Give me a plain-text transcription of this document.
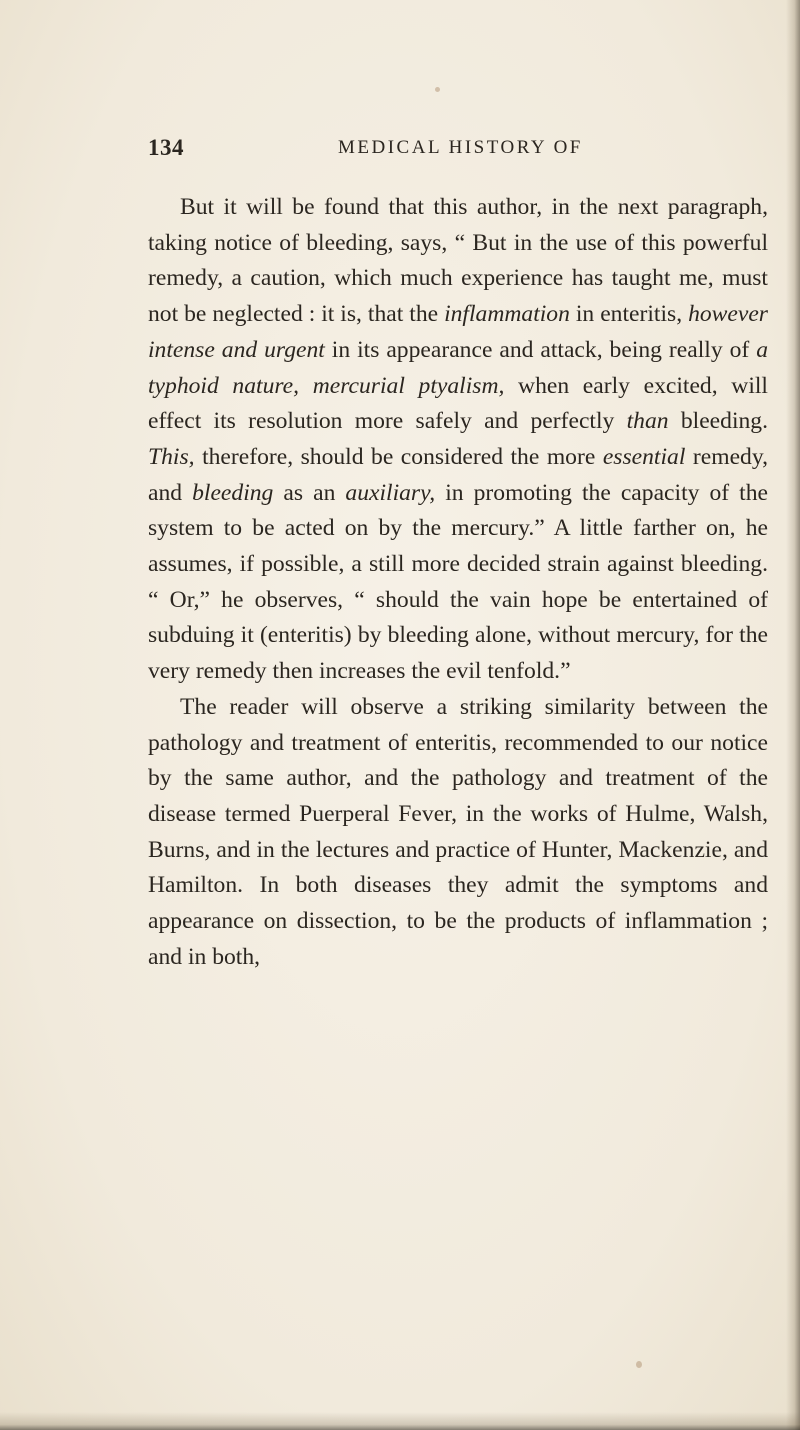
134	MEDICAL HISTORY OF

But it will be found that this author, in the next paragraph, taking notice of bleeding, says, “ But in the use of this powerful remedy, a caution, which much experience has taught me, must not be neglected : it is, that the inflammation in enteritis, however intense and urgent in its appearance and attack, being really of a typhoid nature, mercurial ptyalism, when early excited, will effect its resolution more safely and perfectly than bleeding. This, therefore, should be considered the more essential remedy, and bleeding as an auxiliary, in promoting the capacity of the system to be acted on by the mercury.” A little farther on, he assumes, if possible, a still more decided strain against bleeding. “ Or,” he observes, “ should the vain hope be entertained of subduing it (enteritis) by bleeding alone, without mercury, for the very remedy then increases the evil tenfold.”

The reader will observe a striking similarity between the pathology and treatment of enteritis, recommended to our notice by the same author, and the pathology and treatment of the disease termed Puerperal Fever, in the works of Hulme, Walsh, Burns, and in the lectures and practice of Hunter, Mackenzie, and Hamilton. In both diseases they admit the symptoms and appearance on dissection, to be the products of inflammation ; and in both,
